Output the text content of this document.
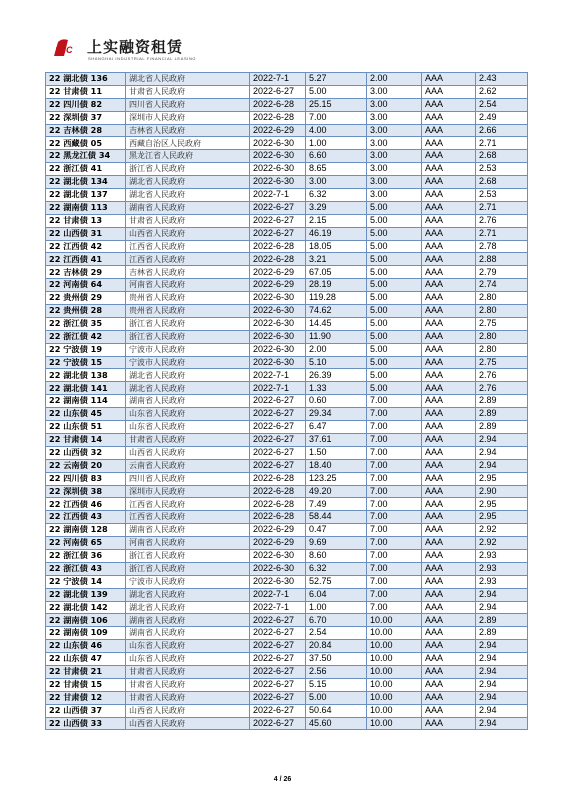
SIIC 上实融资租赁
SHANGHAI INDUSTRIAL FINANCIAL LEASING
22 湖北债 136	湖北省人民政府	2022-7-1	5.27	2.00	AAA	2.43
22 甘肃债 11	甘肃省人民政府	2022-6-27	5.00	3.00	AAA	2.62
22 四川债 82	四川省人民政府	2022-6-28	25.15	3.00	AAA	2.54
22 深圳债 37	深圳市人民政府	2022-6-28	7.00	3.00	AAA	2.49
22 吉林债 28	吉林省人民政府	2022-6-29	4.00	3.00	AAA	2.66
22 西藏债 05	西藏自治区人民政府	2022-6-30	1.00	3.00	AAA	2.71
22 黑龙江债 34	黑龙江省人民政府	2022-6-30	6.60	3.00	AAA	2.68
22 浙江债 41	浙江省人民政府	2022-6-30	8.65	3.00	AAA	2.53
22 湖北债 134	湖北省人民政府	2022-6-30	3.00	3.00	AAA	2.68
22 湖北债 137	湖北省人民政府	2022-7-1	6.32	3.00	AAA	2.53
22 湖南债 113	湖南省人民政府	2022-6-27	3.29	5.00	AAA	2.71
22 甘肃债 13	甘肃省人民政府	2022-6-27	2.15	5.00	AAA	2.76
22 山西债 31	山西省人民政府	2022-6-27	46.19	5.00	AAA	2.71
22 江西债 42	江西省人民政府	2022-6-28	18.05	5.00	AAA	2.78
22 江西债 41	江西省人民政府	2022-6-28	3.21	5.00	AAA	2.88
22 吉林债 29	吉林省人民政府	2022-6-29	67.05	5.00	AAA	2.79
22 河南债 64	河南省人民政府	2022-6-29	28.19	5.00	AAA	2.74
22 贵州债 29	贵州省人民政府	2022-6-30	119.28	5.00	AAA	2.80
22 贵州债 28	贵州省人民政府	2022-6-30	74.62	5.00	AAA	2.80
22 浙江债 35	浙江省人民政府	2022-6-30	14.45	5.00	AAA	2.75
22 浙江债 42	浙江省人民政府	2022-6-30	11.90	5.00	AAA	2.80
22 宁波债 19	宁波市人民政府	2022-6-30	2.00	5.00	AAA	2.80
22 宁波债 15	宁波市人民政府	2022-6-30	5.10	5.00	AAA	2.75
22 湖北债 138	湖北省人民政府	2022-7-1	26.39	5.00	AAA	2.76
22 湖北债 141	湖北省人民政府	2022-7-1	1.33	5.00	AAA	2.76
22 湖南债 114	湖南省人民政府	2022-6-27	0.60	7.00	AAA	2.89
22 山东债 45	山东省人民政府	2022-6-27	29.34	7.00	AAA	2.89
22 山东债 51	山东省人民政府	2022-6-27	6.47	7.00	AAA	2.89
22 甘肃债 14	甘肃省人民政府	2022-6-27	37.61	7.00	AAA	2.94
22 山西债 32	山西省人民政府	2022-6-27	1.50	7.00	AAA	2.94
22 云南债 20	云南省人民政府	2022-6-27	18.40	7.00	AAA	2.94
22 四川债 83	四川省人民政府	2022-6-28	123.25	7.00	AAA	2.95
22 深圳债 38	深圳市人民政府	2022-6-28	49.20	7.00	AAA	2.90
22 江西债 46	江西省人民政府	2022-6-28	7.49	7.00	AAA	2.95
22 江西债 43	江西省人民政府	2022-6-28	58.44	7.00	AAA	2.95
22 湖南债 128	湖南省人民政府	2022-6-29	0.47	7.00	AAA	2.92
22 河南债 65	河南省人民政府	2022-6-29	9.69	7.00	AAA	2.92
22 浙江债 36	浙江省人民政府	2022-6-30	8.60	7.00	AAA	2.93
22 浙江债 43	浙江省人民政府	2022-6-30	6.32	7.00	AAA	2.93
22 宁波债 14	宁波市人民政府	2022-6-30	52.75	7.00	AAA	2.93
22 湖北债 139	湖北省人民政府	2022-7-1	6.04	7.00	AAA	2.94
22 湖北债 142	湖北省人民政府	2022-7-1	1.00	7.00	AAA	2.94
22 湖南债 106	湖南省人民政府	2022-6-27	6.70	10.00	AAA	2.89
22 湖南债 109	湖南省人民政府	2022-6-27	2.54	10.00	AAA	2.89
22 山东债 46	山东省人民政府	2022-6-27	20.84	10.00	AAA	2.94
22 山东债 47	山东省人民政府	2022-6-27	37.50	10.00	AAA	2.94
22 甘肃债 21	甘肃省人民政府	2022-6-27	2.56	10.00	AAA	2.94
22 甘肃债 15	甘肃省人民政府	2022-6-27	5.15	10.00	AAA	2.94
22 甘肃债 12	甘肃省人民政府	2022-6-27	5.00	10.00	AAA	2.94
22 山西债 37	山西省人民政府	2022-6-27	50.64	10.00	AAA	2.94
22 山西债 33	山西省人民政府	2022-6-27	45.60	10.00	AAA	2.94
4 / 26
